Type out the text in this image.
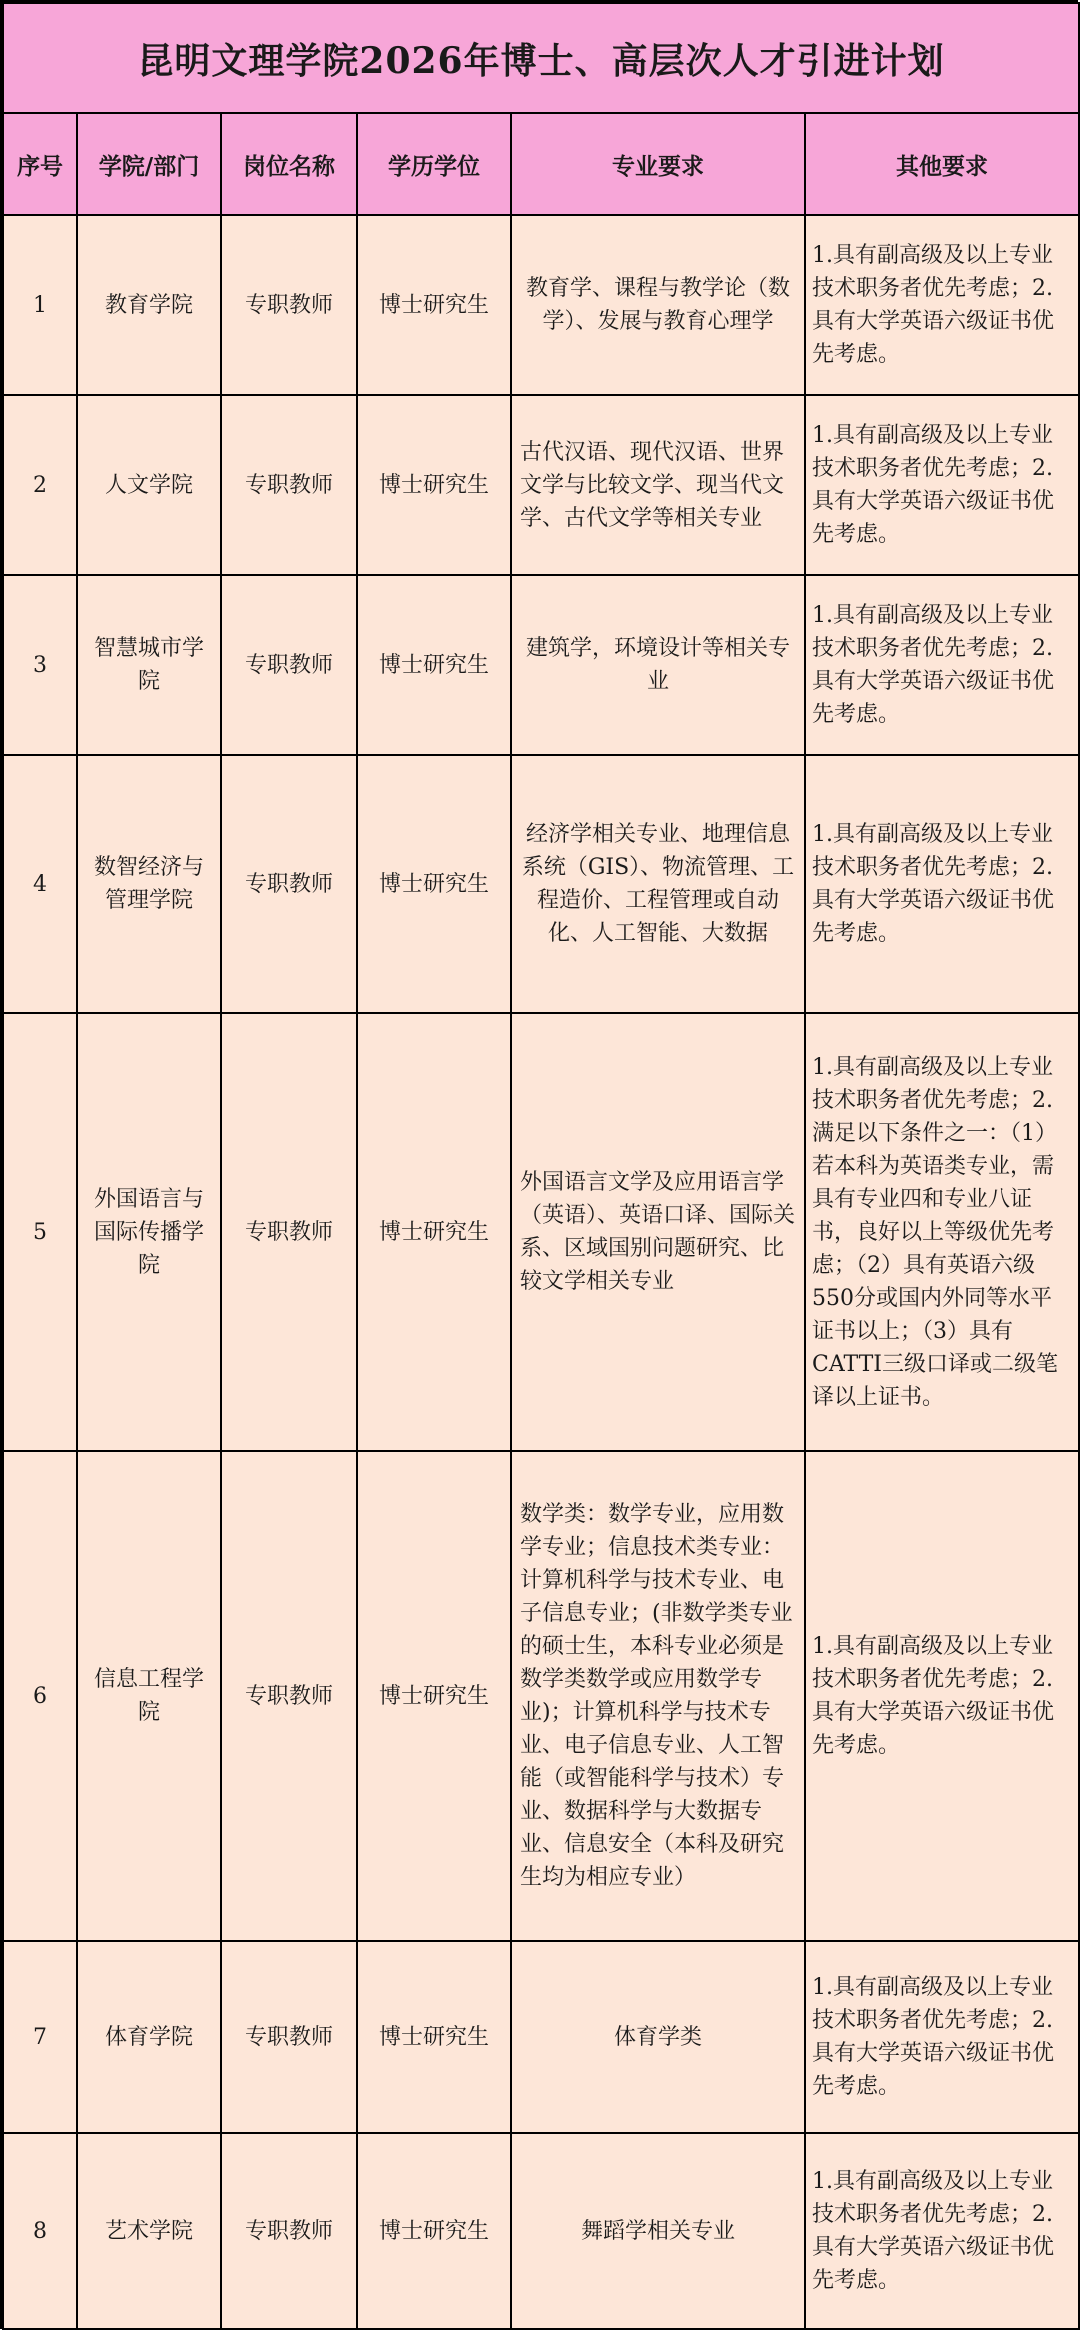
昆明文理学院2026年博士、高层次人才引进计划					
序号	学院/部门	岗位名称	学历学位	专业要求	其他要求
1	教育学院	专职教师	博士研究生	教育学、课程与教学论（数学）、发展与教育心理学	1.具有副高级及以上专业技术职务者优先考虑；2.具有大学英语六级证书优先考虑。
2	人文学院	专职教师	博士研究生	古代汉语、现代汉语、世界文学与比较文学、现当代文学、古代文学等相关专业	1.具有副高级及以上专业技术职务者优先考虑；2.具有大学英语六级证书优先考虑。
3	智慧城市学院	专职教师	博士研究生	建筑学，环境设计等相关专业	1.具有副高级及以上专业技术职务者优先考虑；2.具有大学英语六级证书优先考虑。
4	数智经济与管理学院	专职教师	博士研究生	经济学相关专业、地理信息系统（GIS）、物流管理、工程造价、工程管理或自动化、人工智能、大数据	1.具有副高级及以上专业技术职务者优先考虑；2.具有大学英语六级证书优先考虑。
5	外国语言与国际传播学院	专职教师	博士研究生	外国语言文学及应用语言学（英语）、英语口译、国际关系、区域国别问题研究、比较文学相关专业	1.具有副高级及以上专业技术职务者优先考虑；2.满足以下条件之一：（1）若本科为英语类专业，需具有专业四和专业八证书，良好以上等级优先考虑；（2）具有英语六级550分或国内外同等水平证书以上；（3）具有CATTI三级口译或二级笔译以上证书。
6	信息工程学院	专职教师	博士研究生	数学类：数学专业，应用数学专业；信息技术类专业：计算机科学与技术专业、电子信息专业；(非数学类专业的硕士生，本科专业必须是数学类数学或应用数学专业)；计算机科学与技术专业、电子信息专业、人工智能（或智能科学与技术）专业、数据科学与大数据专业、信息安全（本科及研究生均为相应专业）	1.具有副高级及以上专业技术职务者优先考虑；2.具有大学英语六级证书优先考虑。
7	体育学院	专职教师	博士研究生	体育学类	1.具有副高级及以上专业技术职务者优先考虑；2.具有大学英语六级证书优先考虑。
8	艺术学院	专职教师	博士研究生	舞蹈学相关专业	1.具有副高级及以上专业技术职务者优先考虑；2.具有大学英语六级证书优先考虑。
